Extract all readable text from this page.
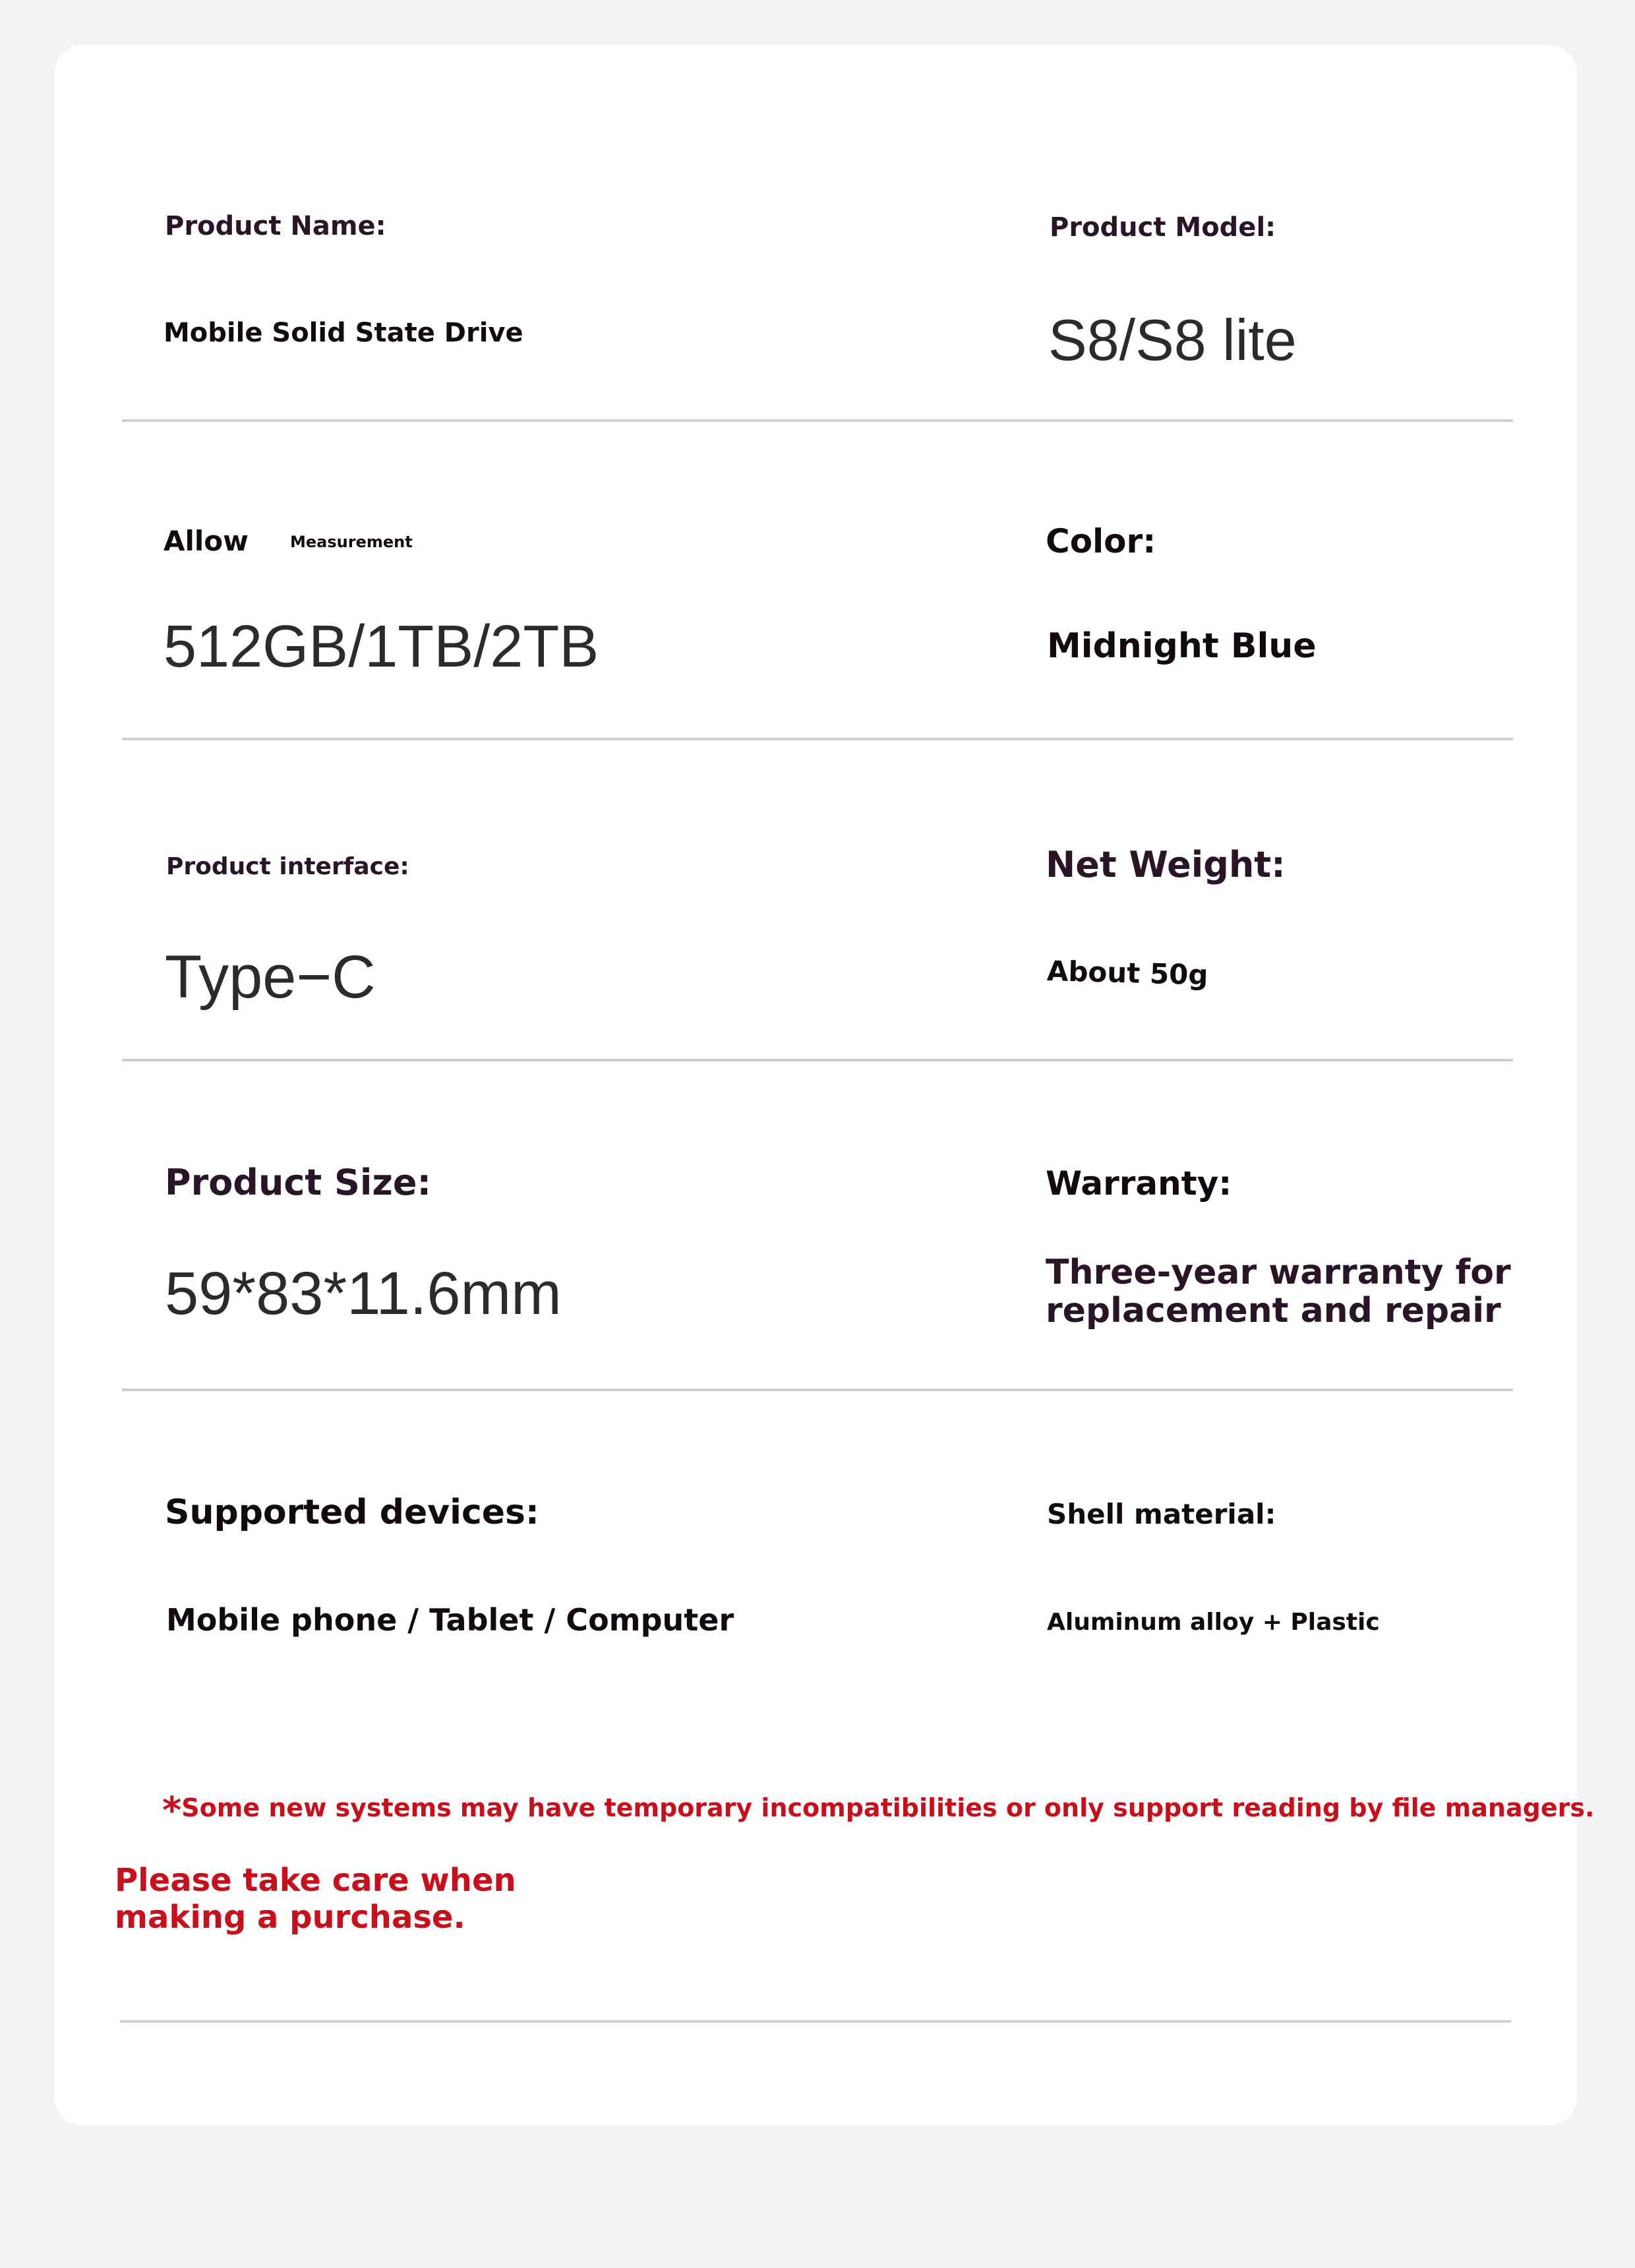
Product Name:
Mobile Solid State Drive
Product Model:
S8/S8 lite
Allow	Measurement
512GB/1TB/2TB
Color:
Midnight Blue
Product interface:
Type−C
Net Weight:
About 50g
Product Size:
59*83*11.6mm
Warranty:
Three-year warranty for
replacement and repair
Supported devices:
Mobile phone / Tablet / Computer
Shell material:
Aluminum alloy + Plastic
*Some new systems may have temporary incompatibilities or only support reading by file managers.
Please take care when
making a purchase.
